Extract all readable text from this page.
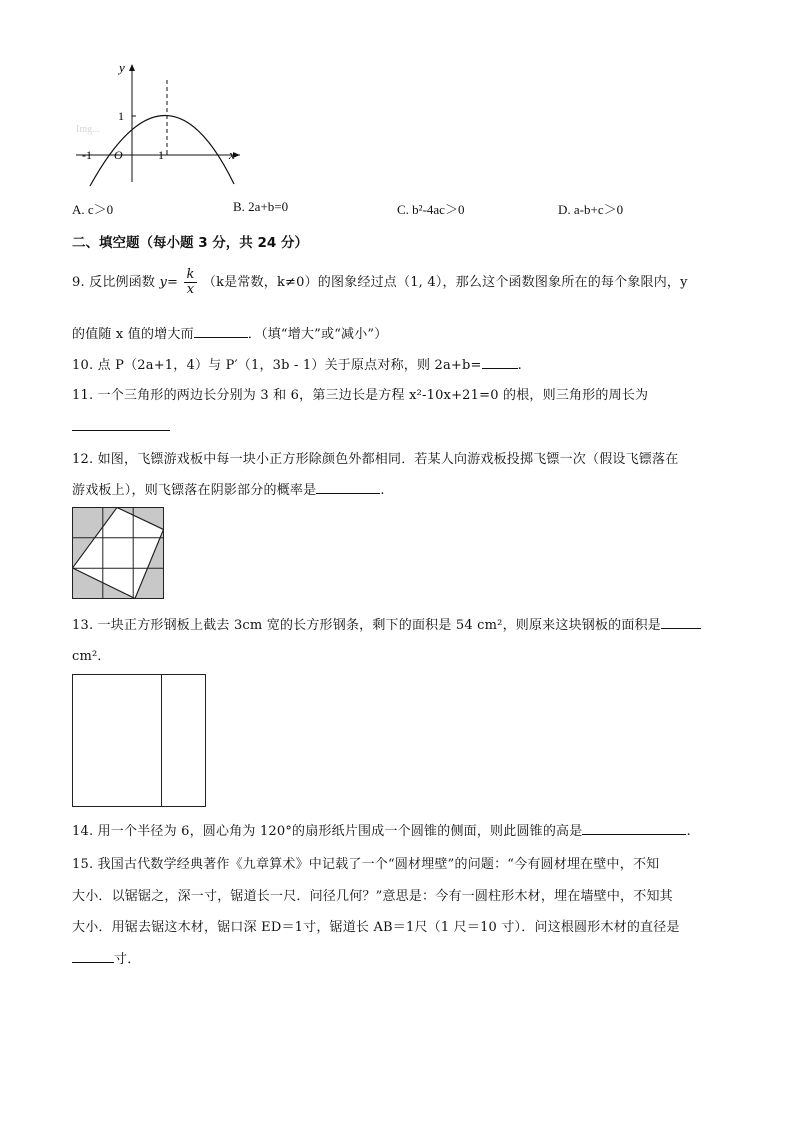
y
x
1
-1 O	1
Img...
A. c＞0	B. 2a+b=0	C. b²-4ac＞0	D. a-b+c＞0
二、填空题（每小题 3 分，共 24 分）
9. 反比例函数 $y= \frac{k}{x} (k$是常数，k≠0）的图象经过点（1, 4），那么这个函数图象所在的每个象限内，y
的值随 x 值的增大而	．（填“增大”或“减小”）
10. 点 P（2a+1，4）与 P′（1，3b - 1）关于原点对称，则 2a+b=	.
11. 一个三角形的两边长分别为 3 和 6，第三边长是方程 x²-10x+21=0 的根，则三角形的周长为
12. 如图，飞镖游戏板中每一块小正方形除颜色外都相同．若某人向游戏板投掷飞镖一次（假设飞镖落在
游戏板上），则飞镖落在阴影部分的概率是	.
13. 一块正方形钢板上截去 3cm 宽的长方形钢条，剩下的面积是 54 cm²，则原来这块钢板的面积是
cm²．
14. 用一个半径为 6，圆心角为 120°的扇形纸片围成一个圆锥的侧面，则此圆锥的高是	.
15. 我国古代数学经典著作《九章算术》中记载了一个“圆材埋壁”的问题：“今有圆材埋在壁中，不知
大小．以锯锯之，深一寸，锯道长一尺．问径几何？”意思是：今有一圆柱形木材，埋在墙壁中，不知其
大小．用锯去锯这木材，锯口深 ED＝1寸，锯道长 AB＝1尺（1 尺＝10 寸）．问这根圆形木材的直径是
寸．
